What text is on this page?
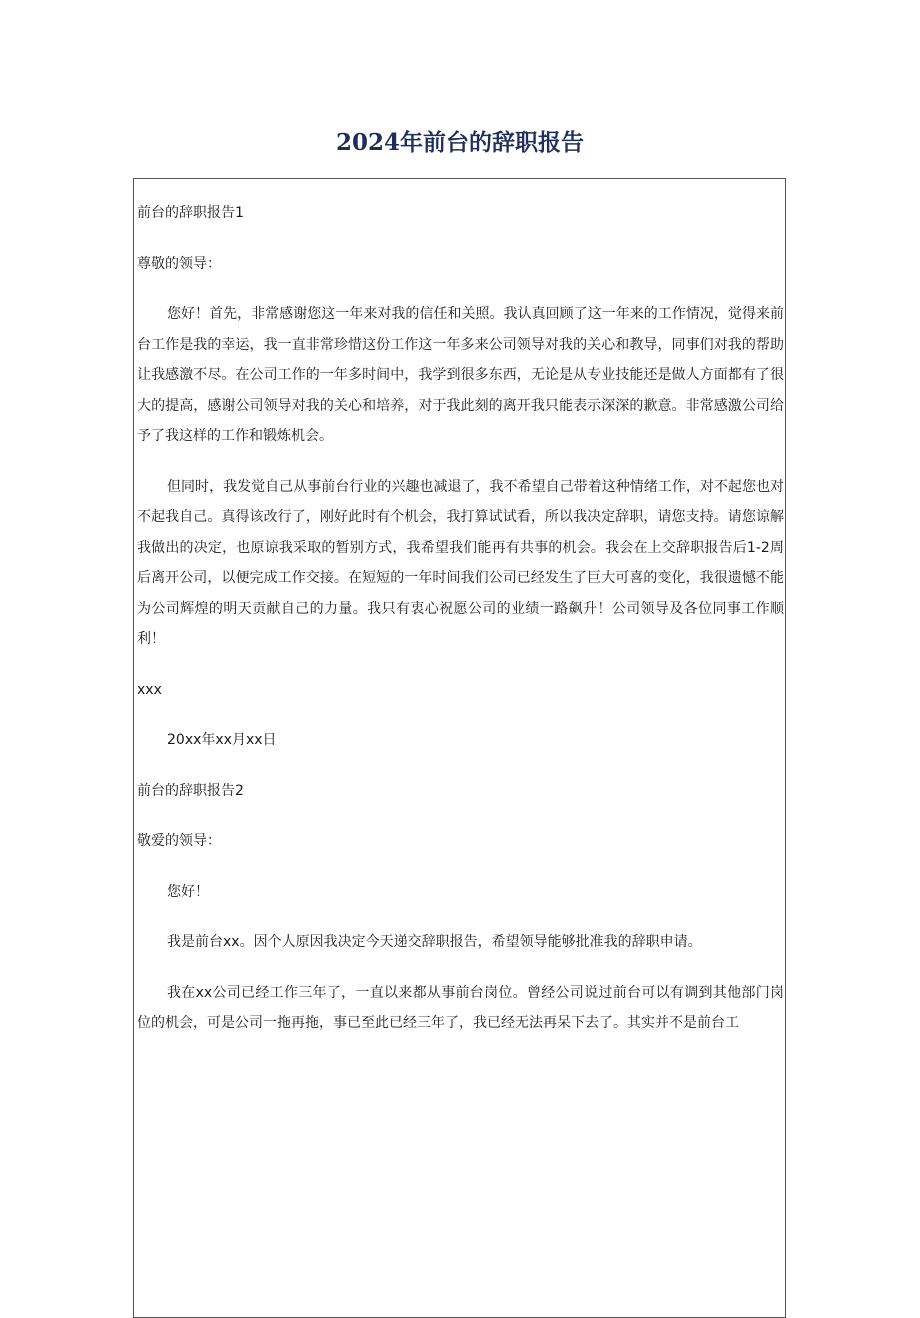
2024年前台的辞职报告

前台的辞职报告1

尊敬的领导：

您好！首先，非常感谢您这一年来对我的信任和关照。我认真回顾了这一年来的工作情况，觉得来前台工作是我的幸运，我一直非常珍惜这份工作这一年多来公司领导对我的关心和教导，同事们对我的帮助让我感激不尽。在公司工作的一年多时间中，我学到很多东西，无论是从专业技能还是做人方面都有了很大的提高，感谢公司领导对我的关心和培养，对于我此刻的离开我只能表示深深的歉意。非常感激公司给予了我这样的工作和锻炼机会。

但同时，我发觉自己从事前台行业的兴趣也减退了，我不希望自己带着这种情绪工作，对不起您也对不起我自己。真得该改行了，刚好此时有个机会，我打算试试看，所以我决定辞职，请您支持。请您谅解我做出的决定，也原谅我采取的暂别方式，我希望我们能再有共事的机会。我会在上交辞职报告后1-2周后离开公司，以便完成工作交接。在短短的一年时间我们公司已经发生了巨大可喜的变化，我很遗憾不能为公司辉煌的明天贡献自己的力量。我只有衷心祝愿公司的业绩一路飙升！公司领导及各位同事工作顺利！

xxx

20xx年xx月xx日

前台的辞职报告2

敬爱的领导：

您好！

我是前台xx。因个人原因我决定今天递交辞职报告，希望领导能够批准我的辞职申请。

我在xx公司已经工作三年了，一直以来都从事前台岗位。曾经公司说过前台可以有调到其他部门岗位的机会，可是公司一拖再拖，事已至此已经三年了，我已经无法再呆下去了。其实并不是前台工
